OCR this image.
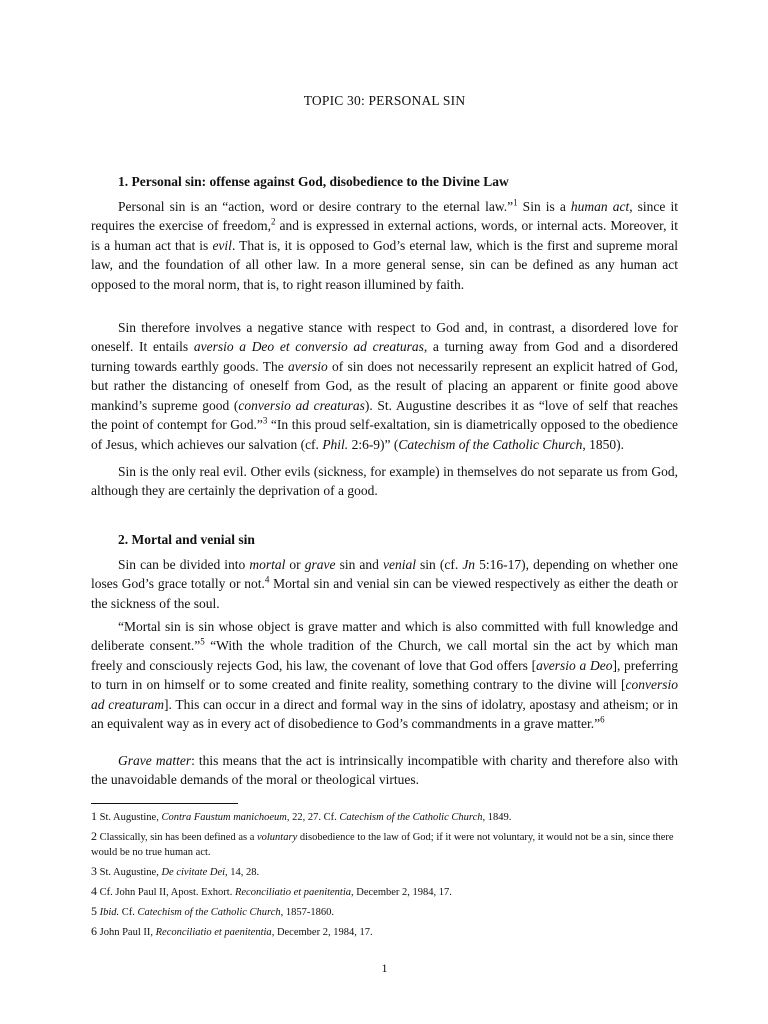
TOPIC 30: PERSONAL SIN
1. Personal sin: offense against God, disobedience to the Divine Law

Personal sin is an “action, word or desire contrary to the eternal law.”$^1$ Sin is a human act, since it requires the exercise of freedom,$^2$ and is expressed in external actions, words, or internal acts. Moreover, it is a human act that is evil. That is, it is opposed to God’s eternal law, which is the first and supreme moral law, and the foundation of all other law. In a more general sense, sin can be defined as any human act opposed to the moral norm, that is, to right reason illumined by faith.

Sin therefore involves a negative stance with respect to God and, in contrast, a disordered love for oneself. It entails aversio a Deo et conversio ad creaturas, a turning away from God and a disordered turning towards earthly goods. The aversio of sin does not necessarily represent an explicit hatred of God, but rather the distancing of oneself from God, as the result of placing an apparent or finite good above mankind’s supreme good (conversio ad creaturas). St. Augustine describes it as “love of self that reaches the point of contempt for God.”$^3$ “In this proud self-exaltation, sin is diametrically opposed to the obedience of Jesus, which achieves our salvation (cf. Phil. 2:6-9)” (Catechism of the Catholic Church, 1850).

Sin is the only real evil. Other evils (sickness, for example) in themselves do not separate us from God, although they are certainly the deprivation of a good.

2. Mortal and venial sin

Sin can be divided into mortal or grave sin and venial sin (cf. Jn 5:16-17), depending on whether one loses God’s grace totally or not.$^4$ Mortal sin and venial sin can be viewed respectively as either the death or the sickness of the soul.

“Mortal sin is sin whose object is grave matter and which is also committed with full knowledge and deliberate consent.”$^5$ “With the whole tradition of the Church, we call mortal sin the act by which man freely and consciously rejects God, his law, the covenant of love that God offers [aversio a Deo], preferring to turn in on himself or to some created and finite reality, something contrary to the divine will [conversio ad creaturam]. This can occur in a direct and formal way in the sins of idolatry, apostasy and atheism; or in an equivalent way as in every act of disobedience to God’s commandments in a grave matter.”$^6$

Grave matter: this means that the act is intrinsically incompatible with charity and therefore also with the unavoidable demands of the moral or theological virtues.

1 St. Augustine, Contra Faustum manichoeum, 22, 27. Cf. Catechism of the Catholic Church, 1849.
2 Classically, sin has been defined as a voluntary disobedience to the law of God; if it were not voluntary, it would not be a sin, since there would be no true human act.
3 St. Augustine, De civitate Dei, 14, 28.
4 Cf. John Paul II, Apost. Exhort. Reconciliatio et paenitentia, December 2, 1984, 17.
5 Ibid. Cf. Catechism of the Catholic Church, 1857-1860.
6 John Paul II, Reconciliatio et paenitentia, December 2, 1984, 17.
1
